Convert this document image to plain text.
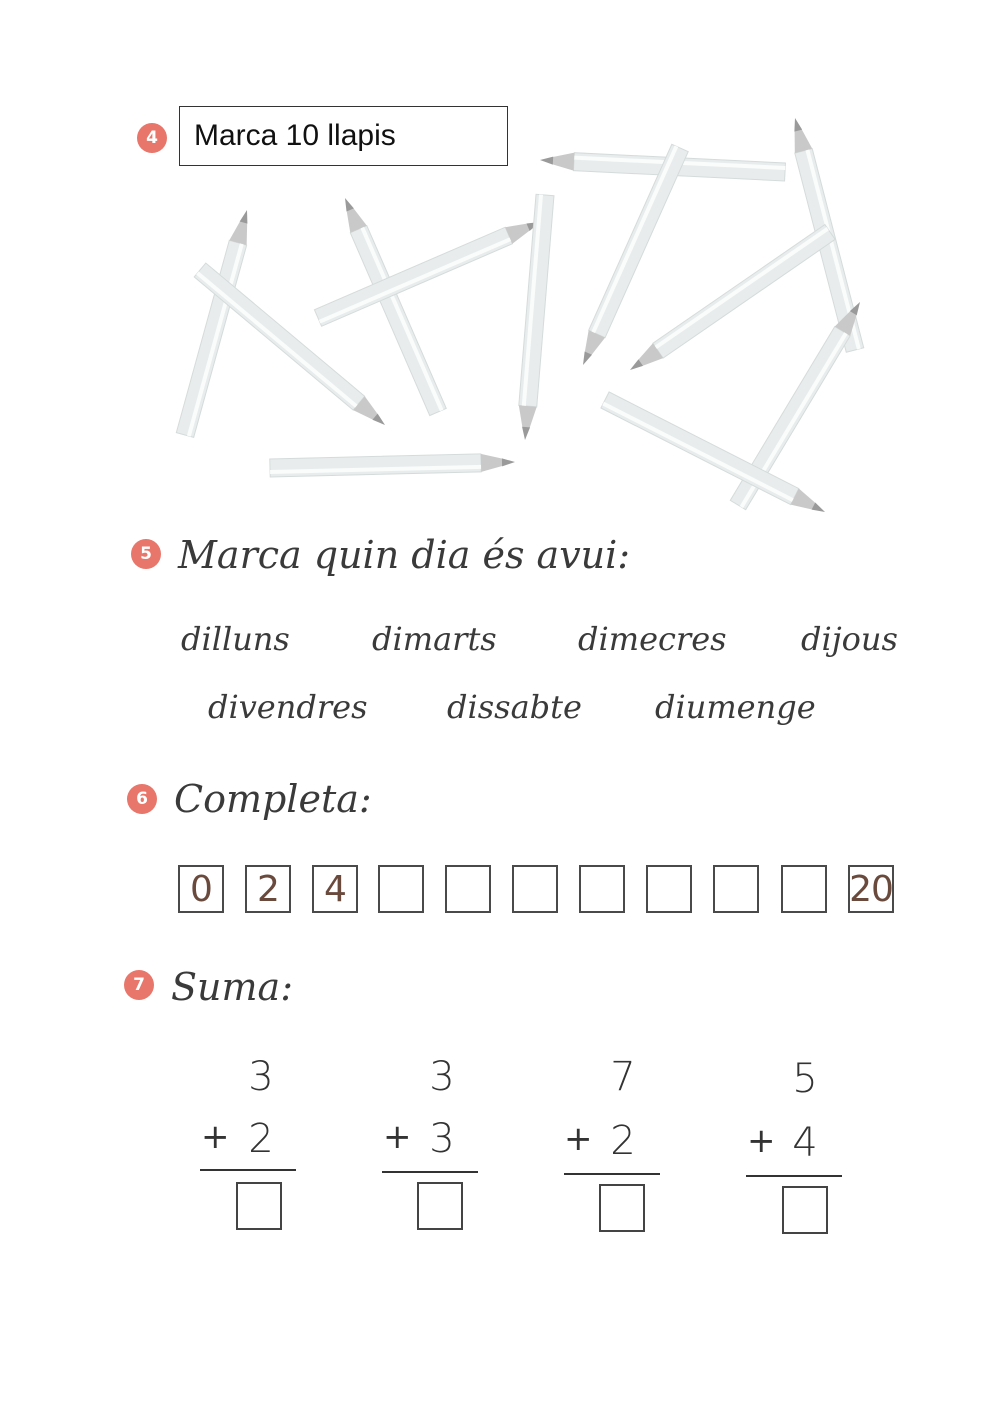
4	Marca 10 llapis
5 Marca quin dia és avui:
dilluns	dimarts	dimecres dijous
divendres dissabte diumenge
6 Completa:
0	2	4	20
7 Suma:
3
+ 2
3
+ 3
7
+ 2
5
+ 4
